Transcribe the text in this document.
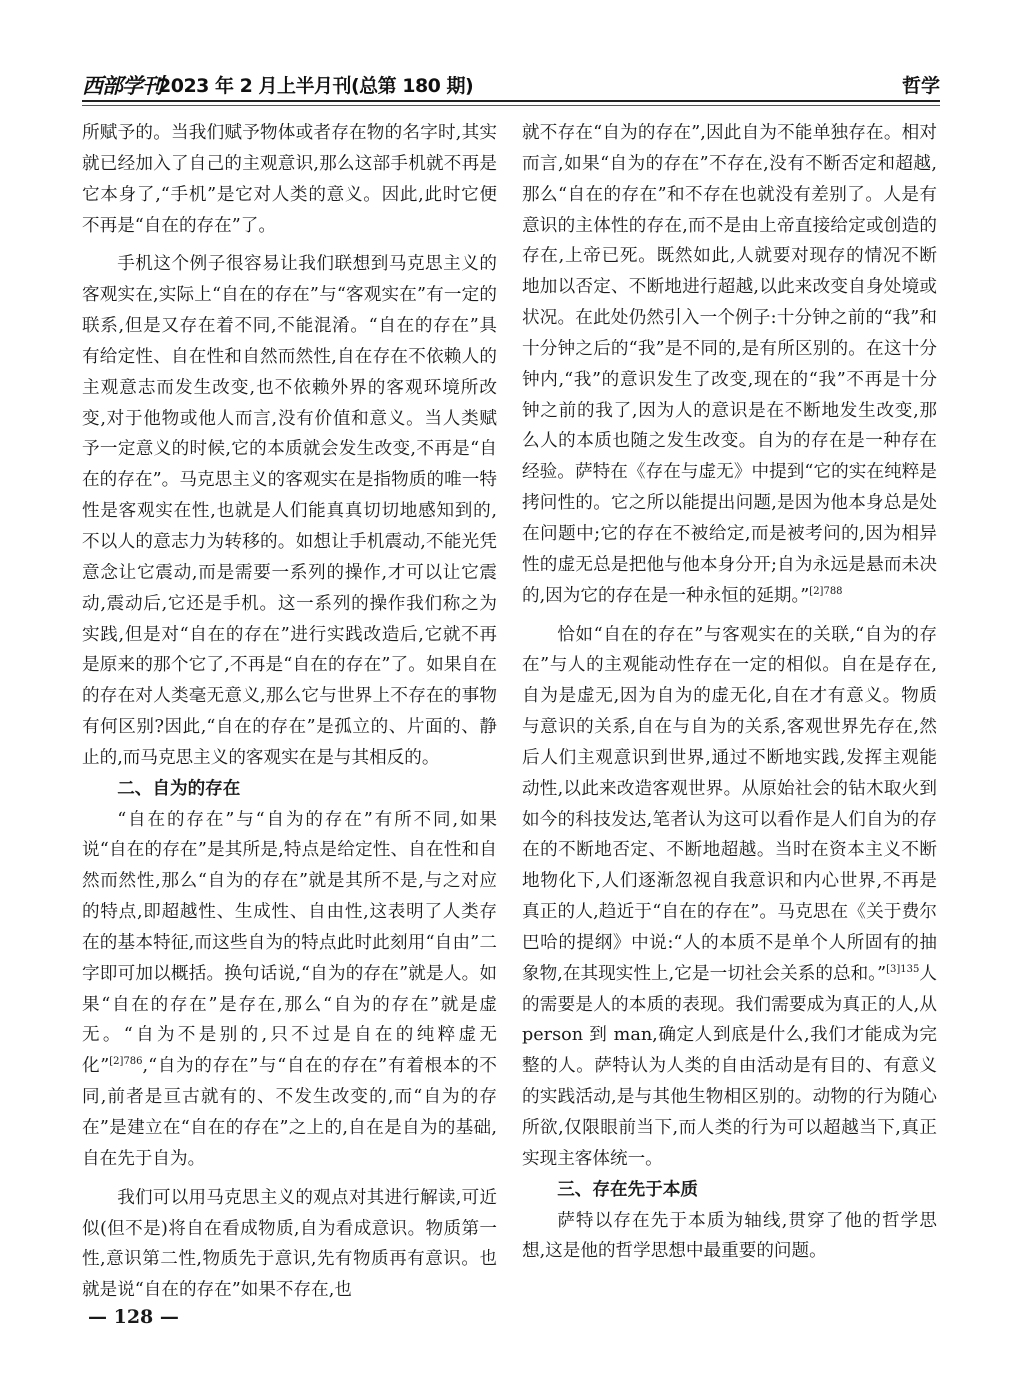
西部学刊
2023 年 2 月上半月刊(总第 180 期)	哲学

所赋予的。当我们赋予物体或者存在物的名字时,其实就已经加入了自己的主观意识,那么这部手机就不再是它本身了,“手机”是它对人类的意义。因此,此时它便不再是“自在的存在”了。

手机这个例子很容易让我们联想到马克思主义的客观实在,实际上“自在的存在”与“客观实在”有一定的联系,但是又存在着不同,不能混淆。“自在的存在”具有给定性、自在性和自然而然性,自在存在不依赖人的主观意志而发生改变,也不依赖外界的客观环境所改变,对于他物或他人而言,没有价值和意义。当人类赋予一定意义的时候,它的本质就会发生改变,不再是“自在的存在”。马克思主义的客观实在是指物质的唯一特性是客观实在性,也就是人们能真真切切地感知到的,不以人的意志力为转移的。如想让手机震动,不能光凭意念让它震动,而是需要一系列的操作,才可以让它震动,震动后,它还是手机。这一系列的操作我们称之为实践,但是对“自在的存在”进行实践改造后,它就不再是原来的那个它了,不再是“自在的存在”了。如果自在的存在对人类毫无意义,那么它与世界上不存在的事物有何区别?因此,“自在的存在”是孤立的、片面的、静止的,而马克思主义的客观实在是与其相反的。

二、自为的存在

“自在的存在”与“自为的存在”有所不同,如果说“自在的存在”是其所是,特点是给定性、自在性和自然而然性,那么“自为的存在”就是其所不是,与之对应的特点,即超越性、生成性、自由性,这表明了人类存在的基本特征,而这些自为的特点此时此刻用“自由”二字即可加以概括。换句话说,“自为的存在”就是人。如果“自在的存在”是存在,那么“自为的存在”就是虚无。“自为不是别的,只不过是自在的纯粹虚无化”$^{[2]786}$,“自为的存在”与“自在的存在”有着根本的不同,前者是亘古就有的、不发生改变的,而“自为的存在”是建立在“自在的存在”之上的,自在是自为的基础,自在先于自为。

我们可以用马克思主义的观点对其进行解读,可近似(但不是)将自在看成物质,自为看成意识。物质第一性,意识第二性,物质先于意识,先有物质再有意识。也就是说“自在的存在”如果不存在,也

就不存在“自为的存在”,因此自为不能单独存在。相对而言,如果“自为的存在”不存在,没有不断否定和超越,那么“自在的存在”和不存在也就没有差别了。人是有意识的主体性的存在,而不是由上帝直接给定或创造的存在,上帝已死。既然如此,人就要对现存的情况不断地加以否定、不断地进行超越,以此来改变自身处境或状况。在此处仍然引入一个例子:十分钟之前的“我”和十分钟之后的“我”是不同的,是有所区别的。在这十分钟内,“我”的意识发生了改变,现在的“我”不再是十分钟之前的我了,因为人的意识是在不断地发生改变,那么人的本质也随之发生改变。自为的存在是一种存在经验。萨特在《存在与虚无》中提到“它的实在纯粹是拷问性的。它之所以能提出问题,是因为他本身总是处在问题中;它的存在不被给定,而是被考问的,因为相异性的虚无总是把他与他本身分开;自为永远是悬而未决的,因为它的存在是一种永恒的延期。”$^{[2]788}$

恰如“自在的存在”与客观实在的关联,“自为的存在”与人的主观能动性存在一定的相似。自在是存在,自为是虚无,因为自为的虚无化,自在才有意义。物质与意识的关系,自在与自为的关系,客观世界先存在,然后人们主观意识到世界,通过不断地实践,发挥主观能动性,以此来改造客观世界。从原始社会的钻木取火到如今的科技发达,笔者认为这可以看作是人们自为的存在的不断地否定、不断地超越。当时在资本主义不断地物化下,人们逐渐忽视自我意识和内心世界,不再是真正的人,趋近于“自在的存在”。马克思在《关于费尔巴哈的提纲》中说:“人的本质不是单个人所固有的抽象物,在其现实性上,它是一切社会关系的总和。”$^{[3]135}$人的需要是人的本质的表现。我们需要成为真正的人,从 person 到 man,确定人到底是什么,我们才能成为完整的人。萨特认为人类的自由活动是有目的、有意义的实践活动,是与其他生物相区别的。动物的行为随心所欲,仅限眼前当下,而人类的行为可以超越当下,真正实现主客体统一。

三、存在先于本质

萨特以存在先于本质为轴线,贯穿了他的哲学思想,这是他的哲学思想中最重要的问题。

— 128 —
